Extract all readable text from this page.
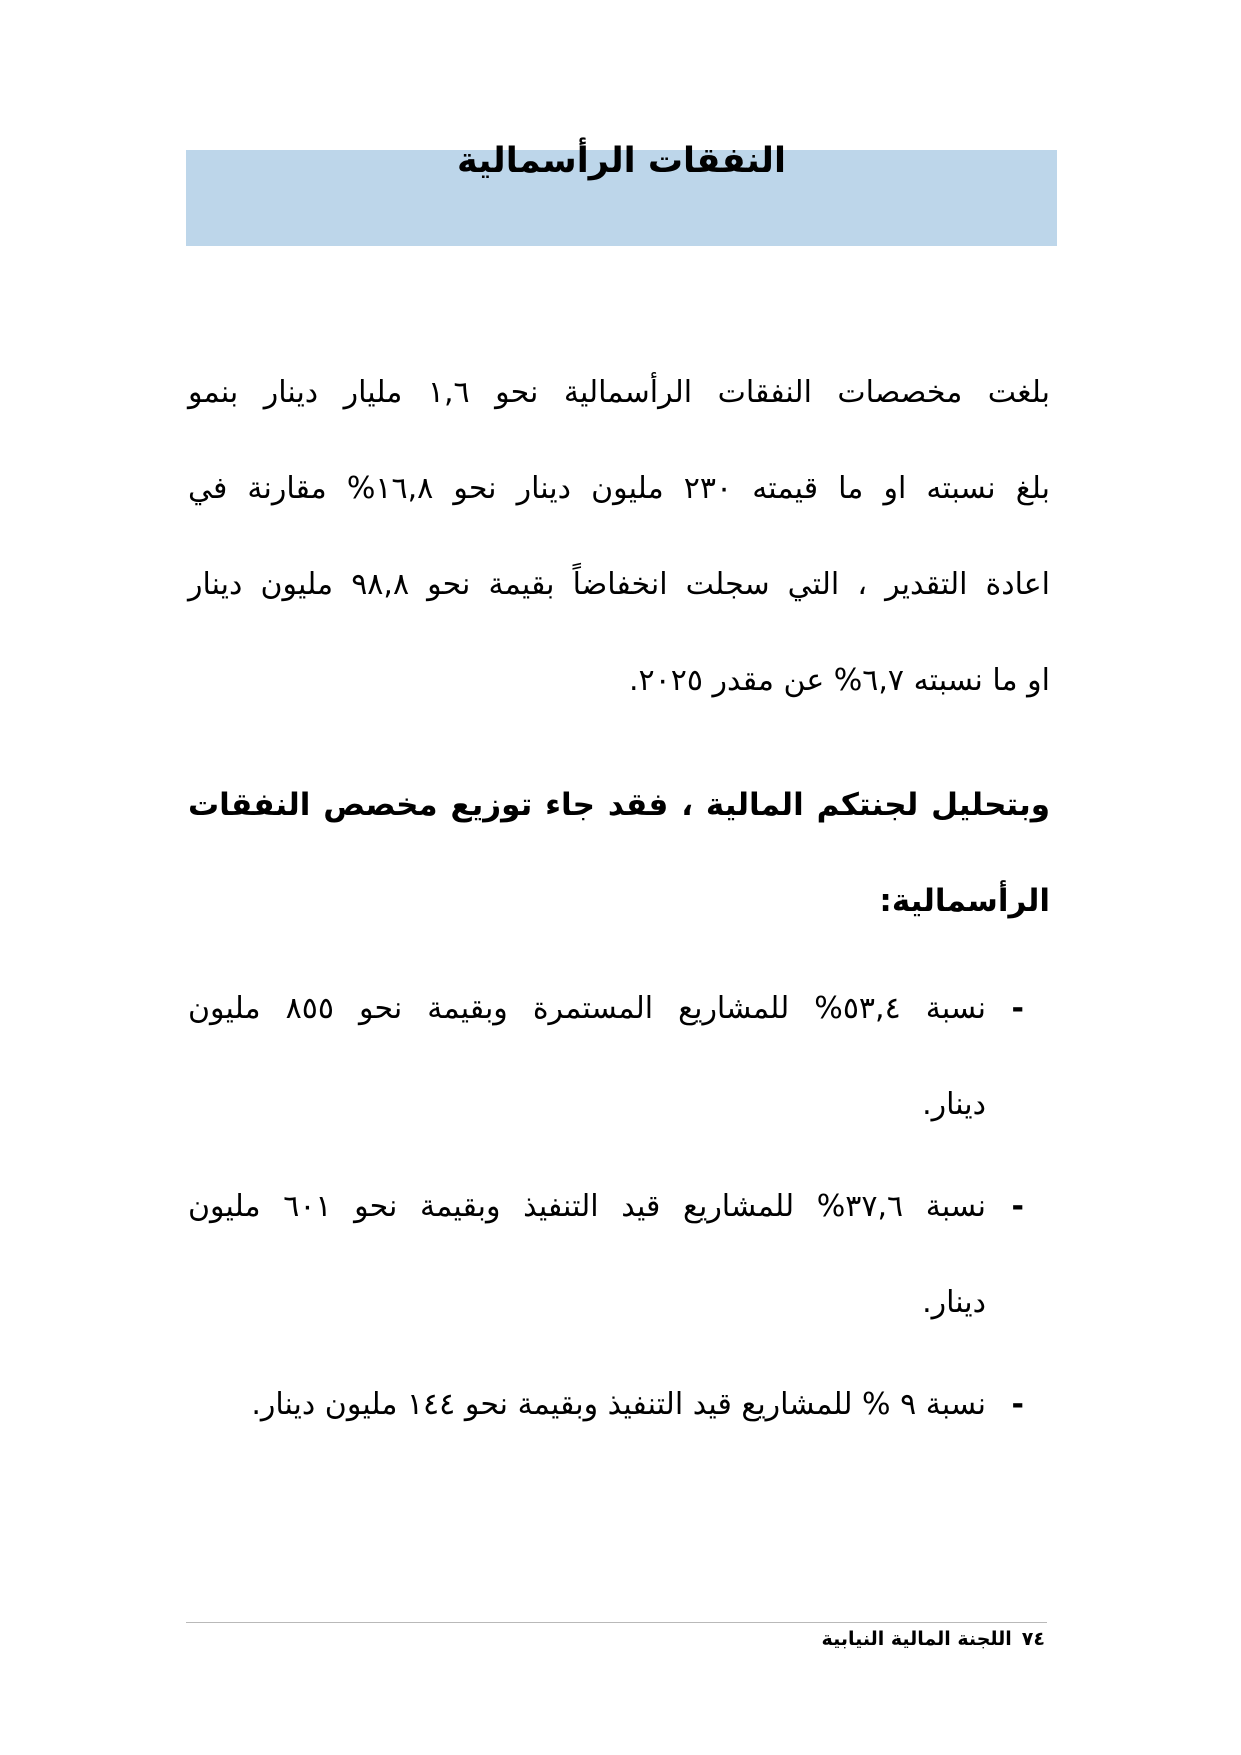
النفقات الرأسمالية

بلغت مخصصات النفقات الرأسمالية نحو ١,٦ مليار دينار بنمو
بلغ نسبته او ما قيمته ٢٣٠ مليون دينار نحو ١٦,٨% مقارنة في
اعادة التقدير ، التي سجلت انخفاضاً بقيمة نحو ٩٨,٨ مليون دينار
او ما نسبته ٦,٧% عن مقدر ٢٠٢٥.

وبتحليل لجنتكم المالية ، فقد جاء توزيع مخصص النفقات
الرأسمالية:

-
نسبة ٥٣,٤% للمشاريع المستمرة وبقيمة نحو ٨٥٥ مليون
دينار.
-
نسبة ٣٧,٦% للمشاريع قيد التنفيذ وبقيمة نحو ٦٠١ مليون
دينار.
-
نسبة ٩ % للمشاريع قيد التنفيذ وبقيمة نحو ١٤٤ مليون دينار.
٧٤اللجنة المالية النيابية
